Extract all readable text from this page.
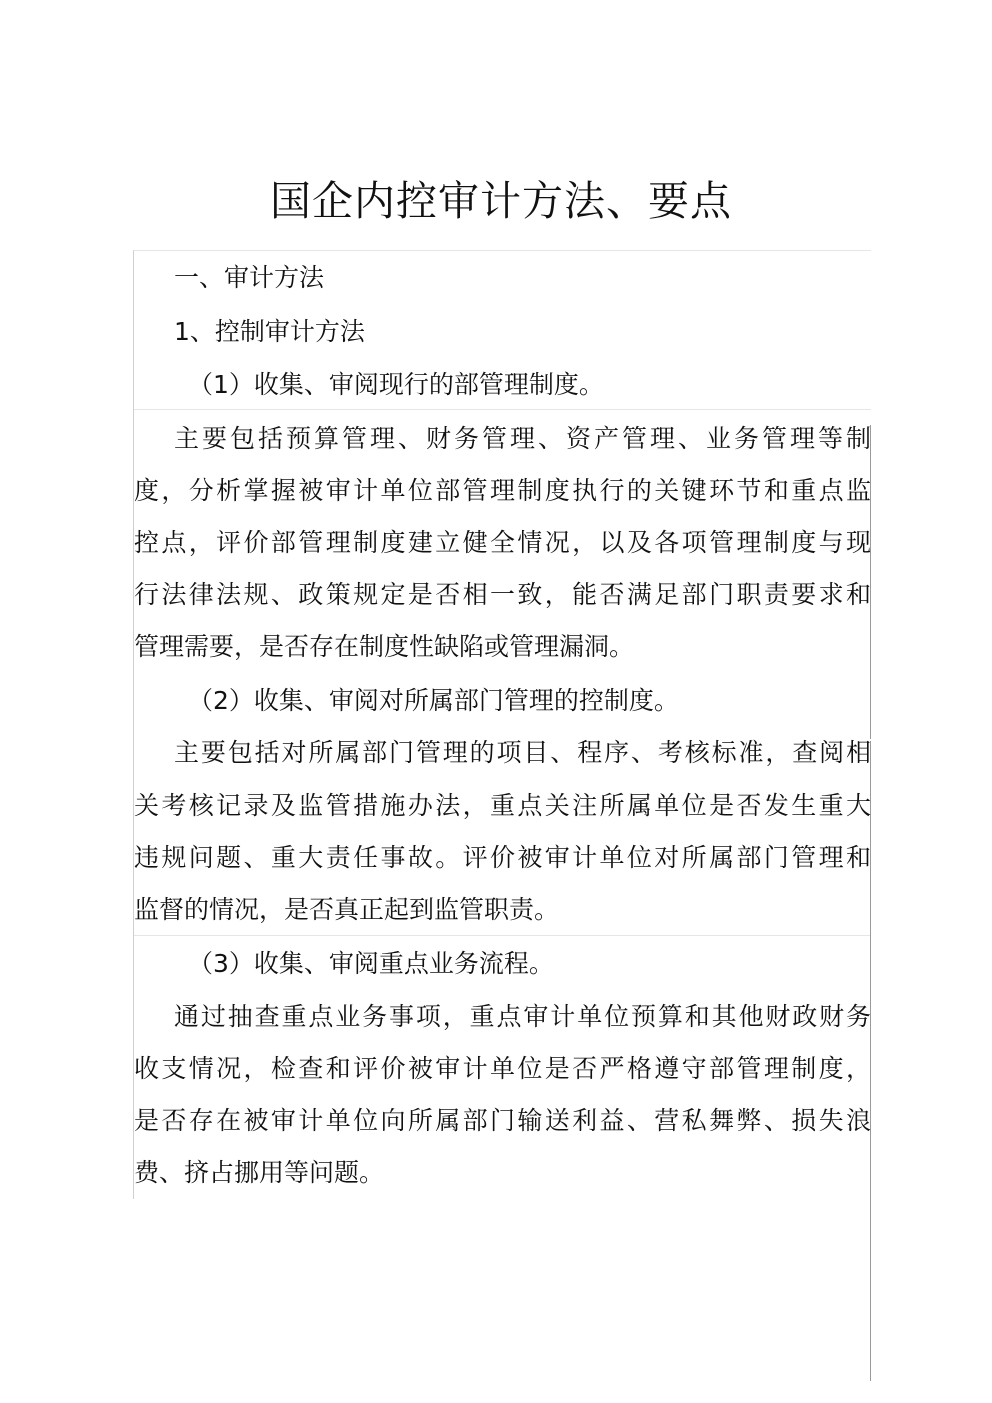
国企内控审计方法、要点
一、审计方法
1、控制审计方法
（1）收集、审阅现行的部管理制度。
主要包括预算管理、财务管理、资产管理、业务管理等制
度，分析掌握被审计单位部管理制度执行的关键环节和重点监
控点，评价部管理制度建立健全情况，以及各项管理制度与现
行法律法规、政策规定是否相一致，能否满足部门职责要求和
管理需要，是否存在制度性缺陷或管理漏洞。
（2）收集、审阅对所属部门管理的控制度。
主要包括对所属部门管理的项目、程序、考核标准，查阅相
关考核记录及监管措施办法，重点关注所属单位是否发生重大
违规问题、重大责任事故。评价被审计单位对所属部门管理和
监督的情况，是否真正起到监管职责。
（3）收集、审阅重点业务流程。
通过抽查重点业务事项，重点审计单位预算和其他财政财务
收支情况，检查和评价被审计单位是否严格遵守部管理制度，
是否存在被审计单位向所属部门输送利益、营私舞弊、损失浪
费、挤占挪用等问题。
